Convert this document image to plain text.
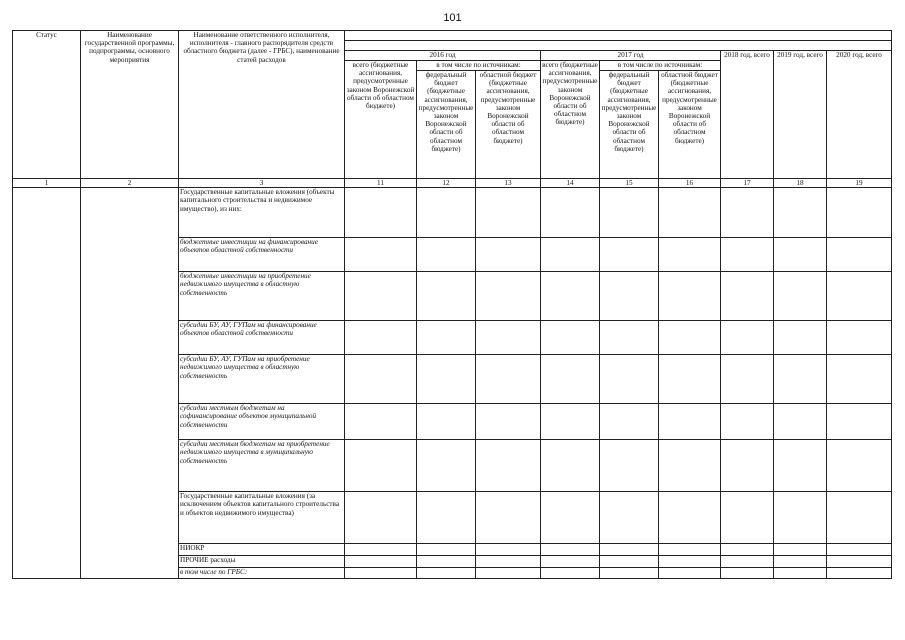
101
Статус	Наименование государственной программы, подпрограммы, основного мероприятия	Наименование ответственного исполнителя, исполнителя - главного распорядителя средств областного бюджета (далее - ГРБС), наименование статей расходов									

			2016 год			2017 год			2018 год, всего	2019 год, всего	2020 год, всего
			всего (бюджетные ассигнования, предусмотренные законом Воронежской области об областном бюджете)	в том числе по источникам:		всего (бюджетные ассигнования, предусмотренные законом Воронежской области об областном бюджете)	в том числе по источникам:				
				федеральный бюджет (бюджетные ассигнования, предусмотренные законом Воронежской области об областном бюджете)	областной бюджет (бюджетные ассигнования, предусмотренные законом Воронежской области об областном бюджете)		федеральный бюджет (бюджетные ассигнования, предусмотренные законом Воронежской области об областном бюджете)	областной бюджет (бюджетные ассигнования, предусмотренные законом Воронежской области об областном бюджете)			
1	2	3	11	12	13	14	15	16	17	18	19
		Государственные капитальные вложения (объекты капитального строительства и недвижимое имущество), из них:									
		бюджетные инвестиции на финансирование объектов областной собственности									
		бюджетные инвестиции на приобретение недвижимого имущества в областную собственность									
		субсидии БУ, АУ, ГУПам на финансирование объектов областной собственности									
		субсидии БУ, АУ, ГУПам на приобретение недвижимого имущества в областную собственность									
		субсидии местным бюджетам на софинансирование объектов муниципальной собственности									
		субсидии местным бюджетам на приобретение недвижимого имущества в муниципальную собственность									
		Государственные капитальные вложения (за исключением объектов капитального строительства и объектов недвижимого имущества)									
		НИОКР									
		ПРОЧИЕ расходы									
		в том числе по ГРБС:									
